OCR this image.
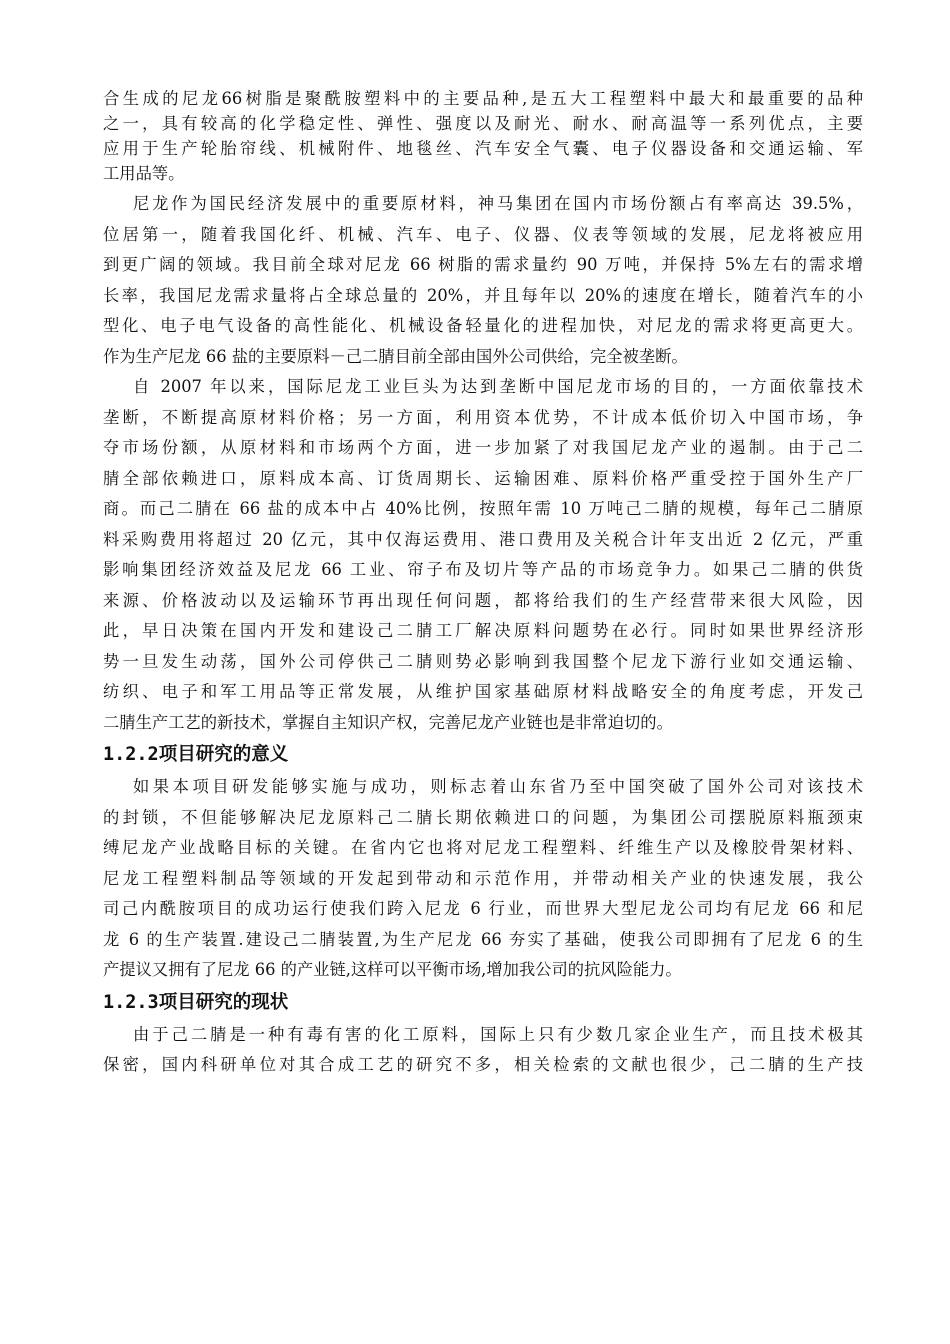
合生成的尼龙66树脂是聚酰胺塑料中的主要品种,是五大工程塑料中最大和最重要的品种
之一，具有较高的化学稳定性、弹性、强度以及耐光、耐水、耐高温等一系列优点，主要
应用于生产轮胎帘线、机械附件、地毯丝、汽车安全气囊、电子仪器设备和交通运输、军
工用品等。
尼龙作为国民经济发展中的重要原材料，神马集团在国内市场份额占有率高达 39.5%，
位居第一，随着我国化纤、机械、汽车、电子、仪器、仪表等领域的发展，尼龙将被应用
到更广阔的领域。我目前全球对尼龙 66 树脂的需求量约 90 万吨，并保持 5%左右的需求增
长率，我国尼龙需求量将占全球总量的 20%，并且每年以 20%的速度在增长，随着汽车的小
型化、电子电气设备的高性能化、机械设备轻量化的进程加快，对尼龙的需求将更高更大。
作为生产尼龙 66 盐的主要原料－己二腈目前全部由国外公司供给，完全被垄断。
自 2007 年以来，国际尼龙工业巨头为达到垄断中国尼龙市场的目的，一方面依靠技术
垄断，不断提高原材料价格；另一方面，利用资本优势，不计成本低价切入中国市场，争
夺市场份额，从原材料和市场两个方面，进一步加紧了对我国尼龙产业的遏制。由于己二
腈全部依赖进口，原料成本高、订货周期长、运输困难、原料价格严重受控于国外生产厂
商。而己二腈在 66 盐的成本中占 40%比例，按照年需 10 万吨己二腈的规模，每年己二腈原
料采购费用将超过 20 亿元，其中仅海运费用、港口费用及关税合计年支出近 2 亿元，严重
影响集团经济效益及尼龙 66 工业、帘子布及切片等产品的市场竞争力。如果己二腈的供货
来源、价格波动以及运输环节再出现任何问题，都将给我们的生产经营带来很大风险，因
此，早日决策在国内开发和建设己二腈工厂解决原料问题势在必行。同时如果世界经济形
势一旦发生动荡，国外公司停供己二腈则势必影响到我国整个尼龙下游行业如交通运输、
纺织、电子和军工用品等正常发展，从维护国家基础原材料战略安全的角度考虑，开发己
二腈生产工艺的新技术，掌握自主知识产权，完善尼龙产业链也是非常迫切的。
1.2.2项目研究的意义
如果本项目研发能够实施与成功，则标志着山东省乃至中国突破了国外公司对该技术
的封锁，不但能够解决尼龙原料己二腈长期依赖进口的问题，为集团公司摆脱原料瓶颈束
缚尼龙产业战略目标的关键。在省内它也将对尼龙工程塑料、纤维生产以及橡胶骨架材料、
尼龙工程塑料制品等领域的开发起到带动和示范作用，并带动相关产业的快速发展，我公
司己内酰胺项目的成功运行使我们跨入尼龙 6 行业，而世界大型尼龙公司均有尼龙 66 和尼
龙 6 的生产装置.建设己二腈装置,为生产尼龙 66 夯实了基础，使我公司即拥有了尼龙 6 的生
产提议又拥有了尼龙 66 的产业链,这样可以平衡市场,增加我公司的抗风险能力。
1.2.3项目研究的现状
由于己二腈是一种有毒有害的化工原料，国际上只有少数几家企业生产，而且技术极其
保密，国内科研单位对其合成工艺的研究不多，相关检索的文献也很少，己二腈的生产技
